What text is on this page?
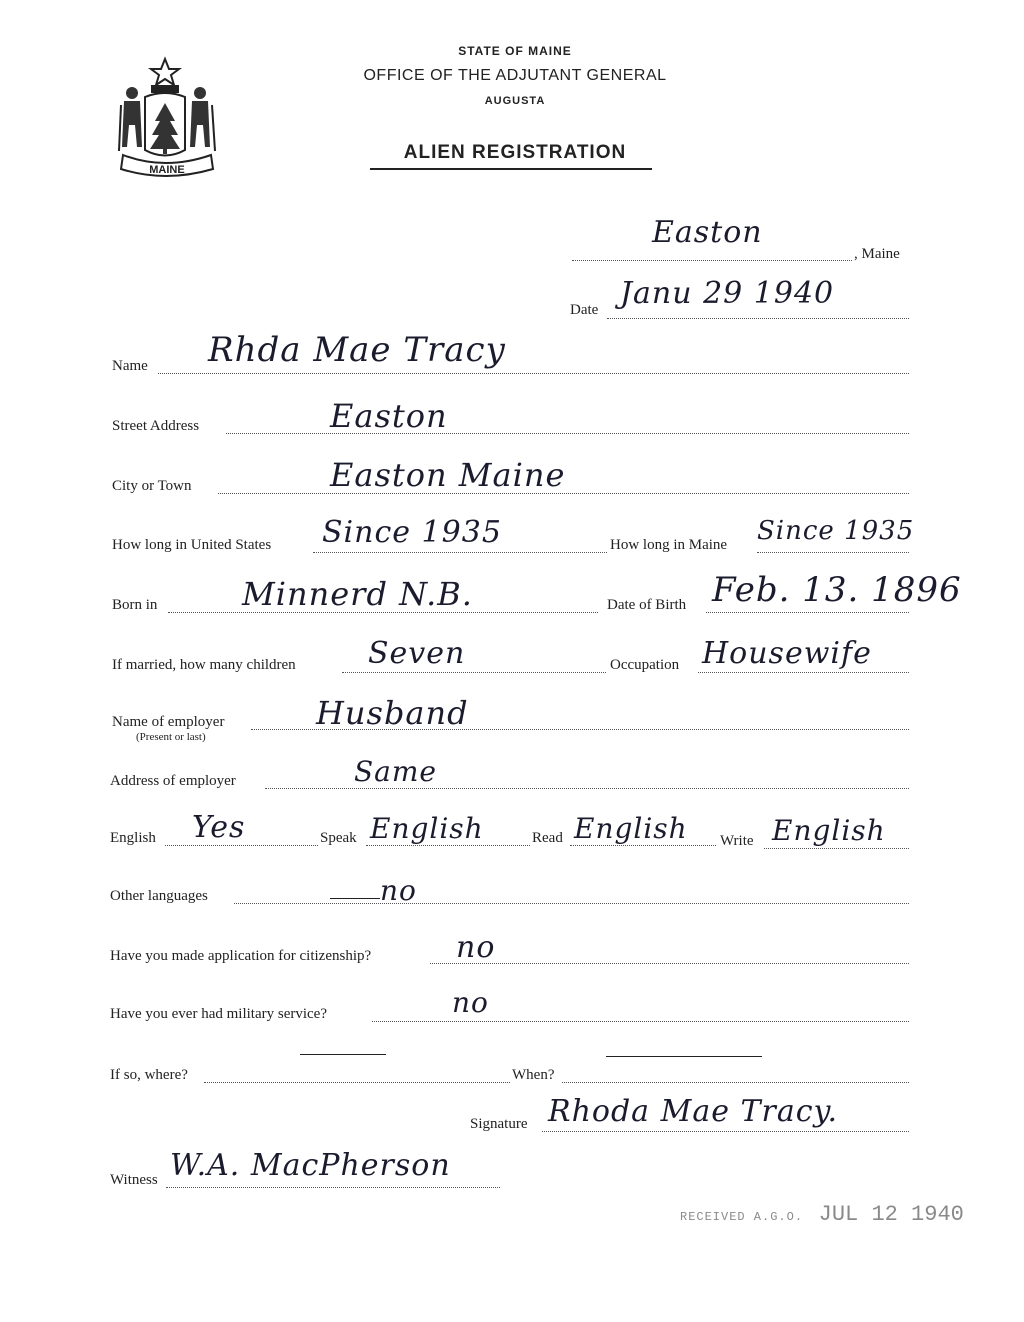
MAINE
STATE OF MAINE
OFFICE OF THE ADJUTANT GENERAL
AUGUSTA
ALIEN REGISTRATION
Easton
, Maine
Date Janu 29 1940
Name Rhda Mae Tracy
Street Address	Easton
City or Town	Easton Maine
How long in United States Since 1935	How long in Maine Since 1935
Born in	Minnerd N.B.	Date of Birth Feb. 13. 1896
If married, how many children Seven	Occupation Housewife
Name of employer
(Present or last)
Husband
Address of employer	Same
English Yes	Speak English	Read English Write English
Other languages	no
Have you made application for citizenship?	no
Have you ever had military service?	no
If so, where?	When?
Signature Rhoda Mae Tracy.
Witness W.A. MacPherson
RECEIVED A.G.O. JUL 12 1940
